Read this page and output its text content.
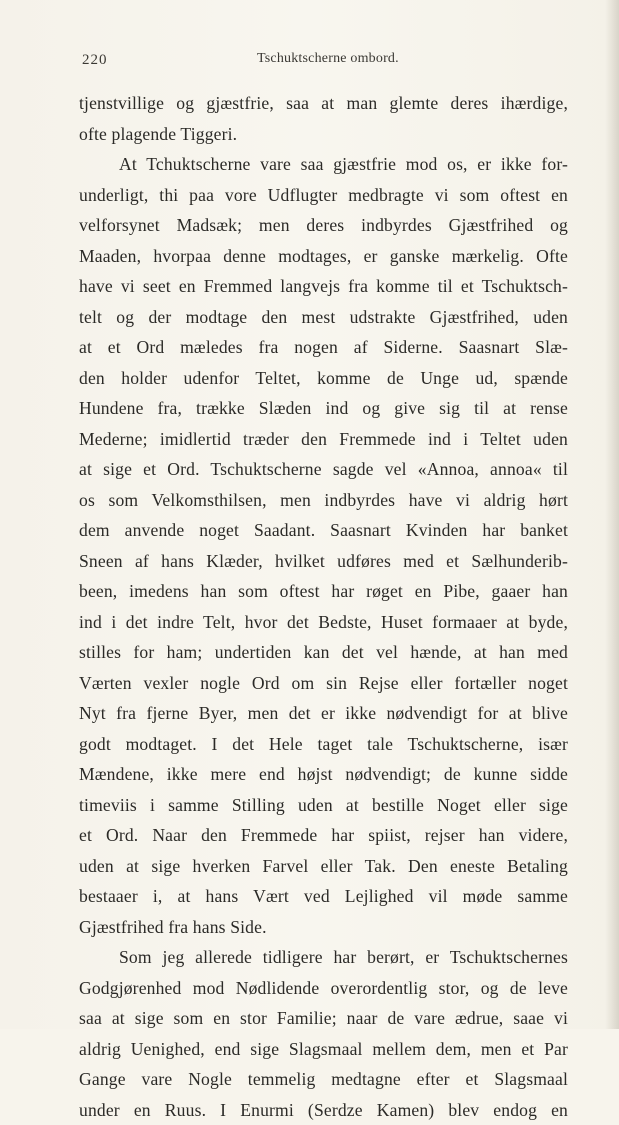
220	Tschuktscherne ombord.
tjenstvillige og gjæstfrie, saa at man glemte deres ihærdige,
ofte plagende Tiggeri.
At Tchuktscherne vare saa gjæstfrie mod os, er ikke for-
underligt, thi paa vore Udflugter medbragte vi som oftest en
velforsynet Madsæk; men deres indbyrdes Gjæstfrihed og
Maaden, hvorpaa denne modtages, er ganske mærkelig. Ofte
have vi seet en Fremmed langvejs fra komme til et Tschuktsch-
telt og der modtage den mest udstrakte Gjæstfrihed, uden
at et Ord mæledes fra nogen af Siderne. Saasnart Slæ-
den holder udenfor Teltet, komme de Unge ud, spænde
Hundene fra, trække Slæden ind og give sig til at rense
Mederne; imidlertid træder den Fremmede ind i Teltet uden
at sige et Ord. Tschuktscherne sagde vel «Annoa, annoa« til
os som Velkomsthilsen, men indbyrdes have vi aldrig hørt
dem anvende noget Saadant. Saasnart Kvinden har banket
Sneen af hans Klæder, hvilket udføres med et Sælhunderib-
been, imedens han som oftest har røget en Pibe, gaaer han
ind i det indre Telt, hvor det Bedste, Huset formaaer at byde,
stilles for ham; undertiden kan det vel hænde, at han med
Værten vexler nogle Ord om sin Rejse eller fortæller noget
Nyt fra fjerne Byer, men det er ikke nødvendigt for at blive
godt modtaget. I det Hele taget tale Tschuktscherne, især
Mændene, ikke mere end højst nødvendigt; de kunne sidde
timeviis i samme Stilling uden at bestille Noget eller sige
et Ord. Naar den Fremmede har spiist, rejser han videre,
uden at sige hverken Farvel eller Tak. Den eneste Betaling
bestaaer i, at hans Vært ved Lejlighed vil møde samme
Gjæstfrihed fra hans Side.
Som jeg allerede tidligere har berørt, er Tschuktschernes
Godgjørenhed mod Nødlidende overordentlig stor, og de leve
saa at sige som en stor Familie; naar de vare ædrue, saae vi
aldrig Uenighed, end sige Slagsmaal mellem dem, men et Par
Gange vare Nogle temmelig medtagne efter et Slagsmaal
under en Ruus. I Enurmi (Serdze Kamen) blev endog en
